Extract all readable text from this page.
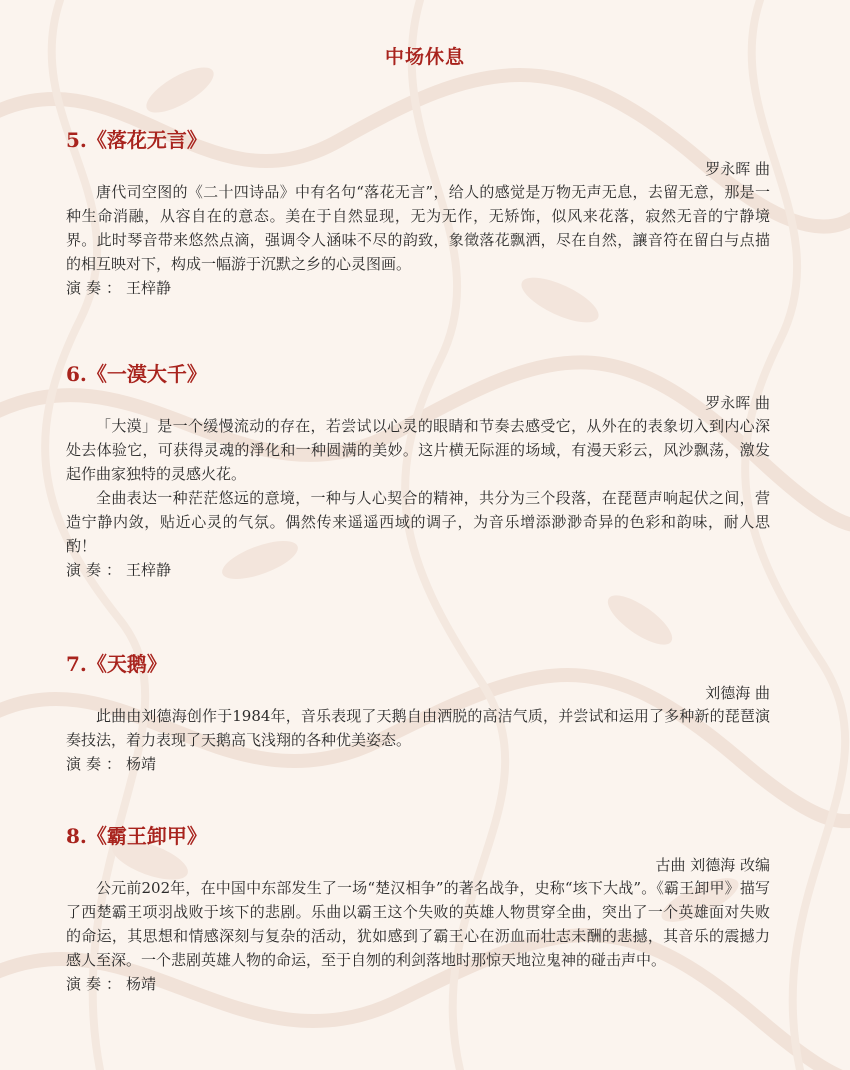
中场休息
5.《落花无言》
罗永晖 曲

唐代司空图的《二十四诗品》中有名句“落花无言”，给人的感觉是万物无声无息，去留无意，那是一种生命消融，从容自在的意态。美在于自然显现，无为无作，无矫饰，似风来花落，寂然无音的宁静境界。此时琴音带来悠然点滴，强调令人涵味不尽的韵致，象徵落花飘洒，尽在自然，讓音符在留白与点描的相互映对下，构成一幅游于沉默之乡的心灵图画。

演奏：王梓静

6.《一漠大千》
罗永晖 曲

「大漠」是一个缓慢流动的存在，若尝试以心灵的眼睛和节奏去感受它，从外在的表象切入到内心深处去体验它，可获得灵魂的淨化和一种圆满的美妙。这片横无际涯的场域，有漫天彩云，风沙飘荡，激发起作曲家独特的灵感火花。

全曲表达一种茫茫悠远的意境，一种与人心契合的精神，共分为三个段落，在琵琶声响起伏之间，营造宁静内敛，贴近心灵的气氛。偶然传来遥遥西域的调子，为音乐增添渺渺奇异的色彩和韵味，耐人思酌！

演奏：王梓静

7.《天鹅》
刘德海 曲

此曲由刘德海创作于1984年，音乐表现了天鹅自由洒脱的高洁气质，并尝试和运用了多种新的琵琶演奏技法，着力表现了天鹅高飞浅翔的各种优美姿态。

演奏：杨靖

8.《霸王卸甲》
古曲 刘德海 改编

公元前202年，在中国中东部发生了一场“楚汉相争”的著名战争，史称“垓下大战”。《霸王卸甲》描写了西楚霸王项羽战败于垓下的悲剧。乐曲以霸王这个失败的英雄人物贯穿全曲，突出了一个英雄面对失败的命运，其思想和情感深刻与复杂的活动，犹如感到了霸王心在沥血而壮志未酬的悲撼，其音乐的震撼力感人至深。一个悲剧英雄人物的命运，至于自刎的利剑落地时那惊天地泣鬼神的碰击声中。

演奏：杨靖
